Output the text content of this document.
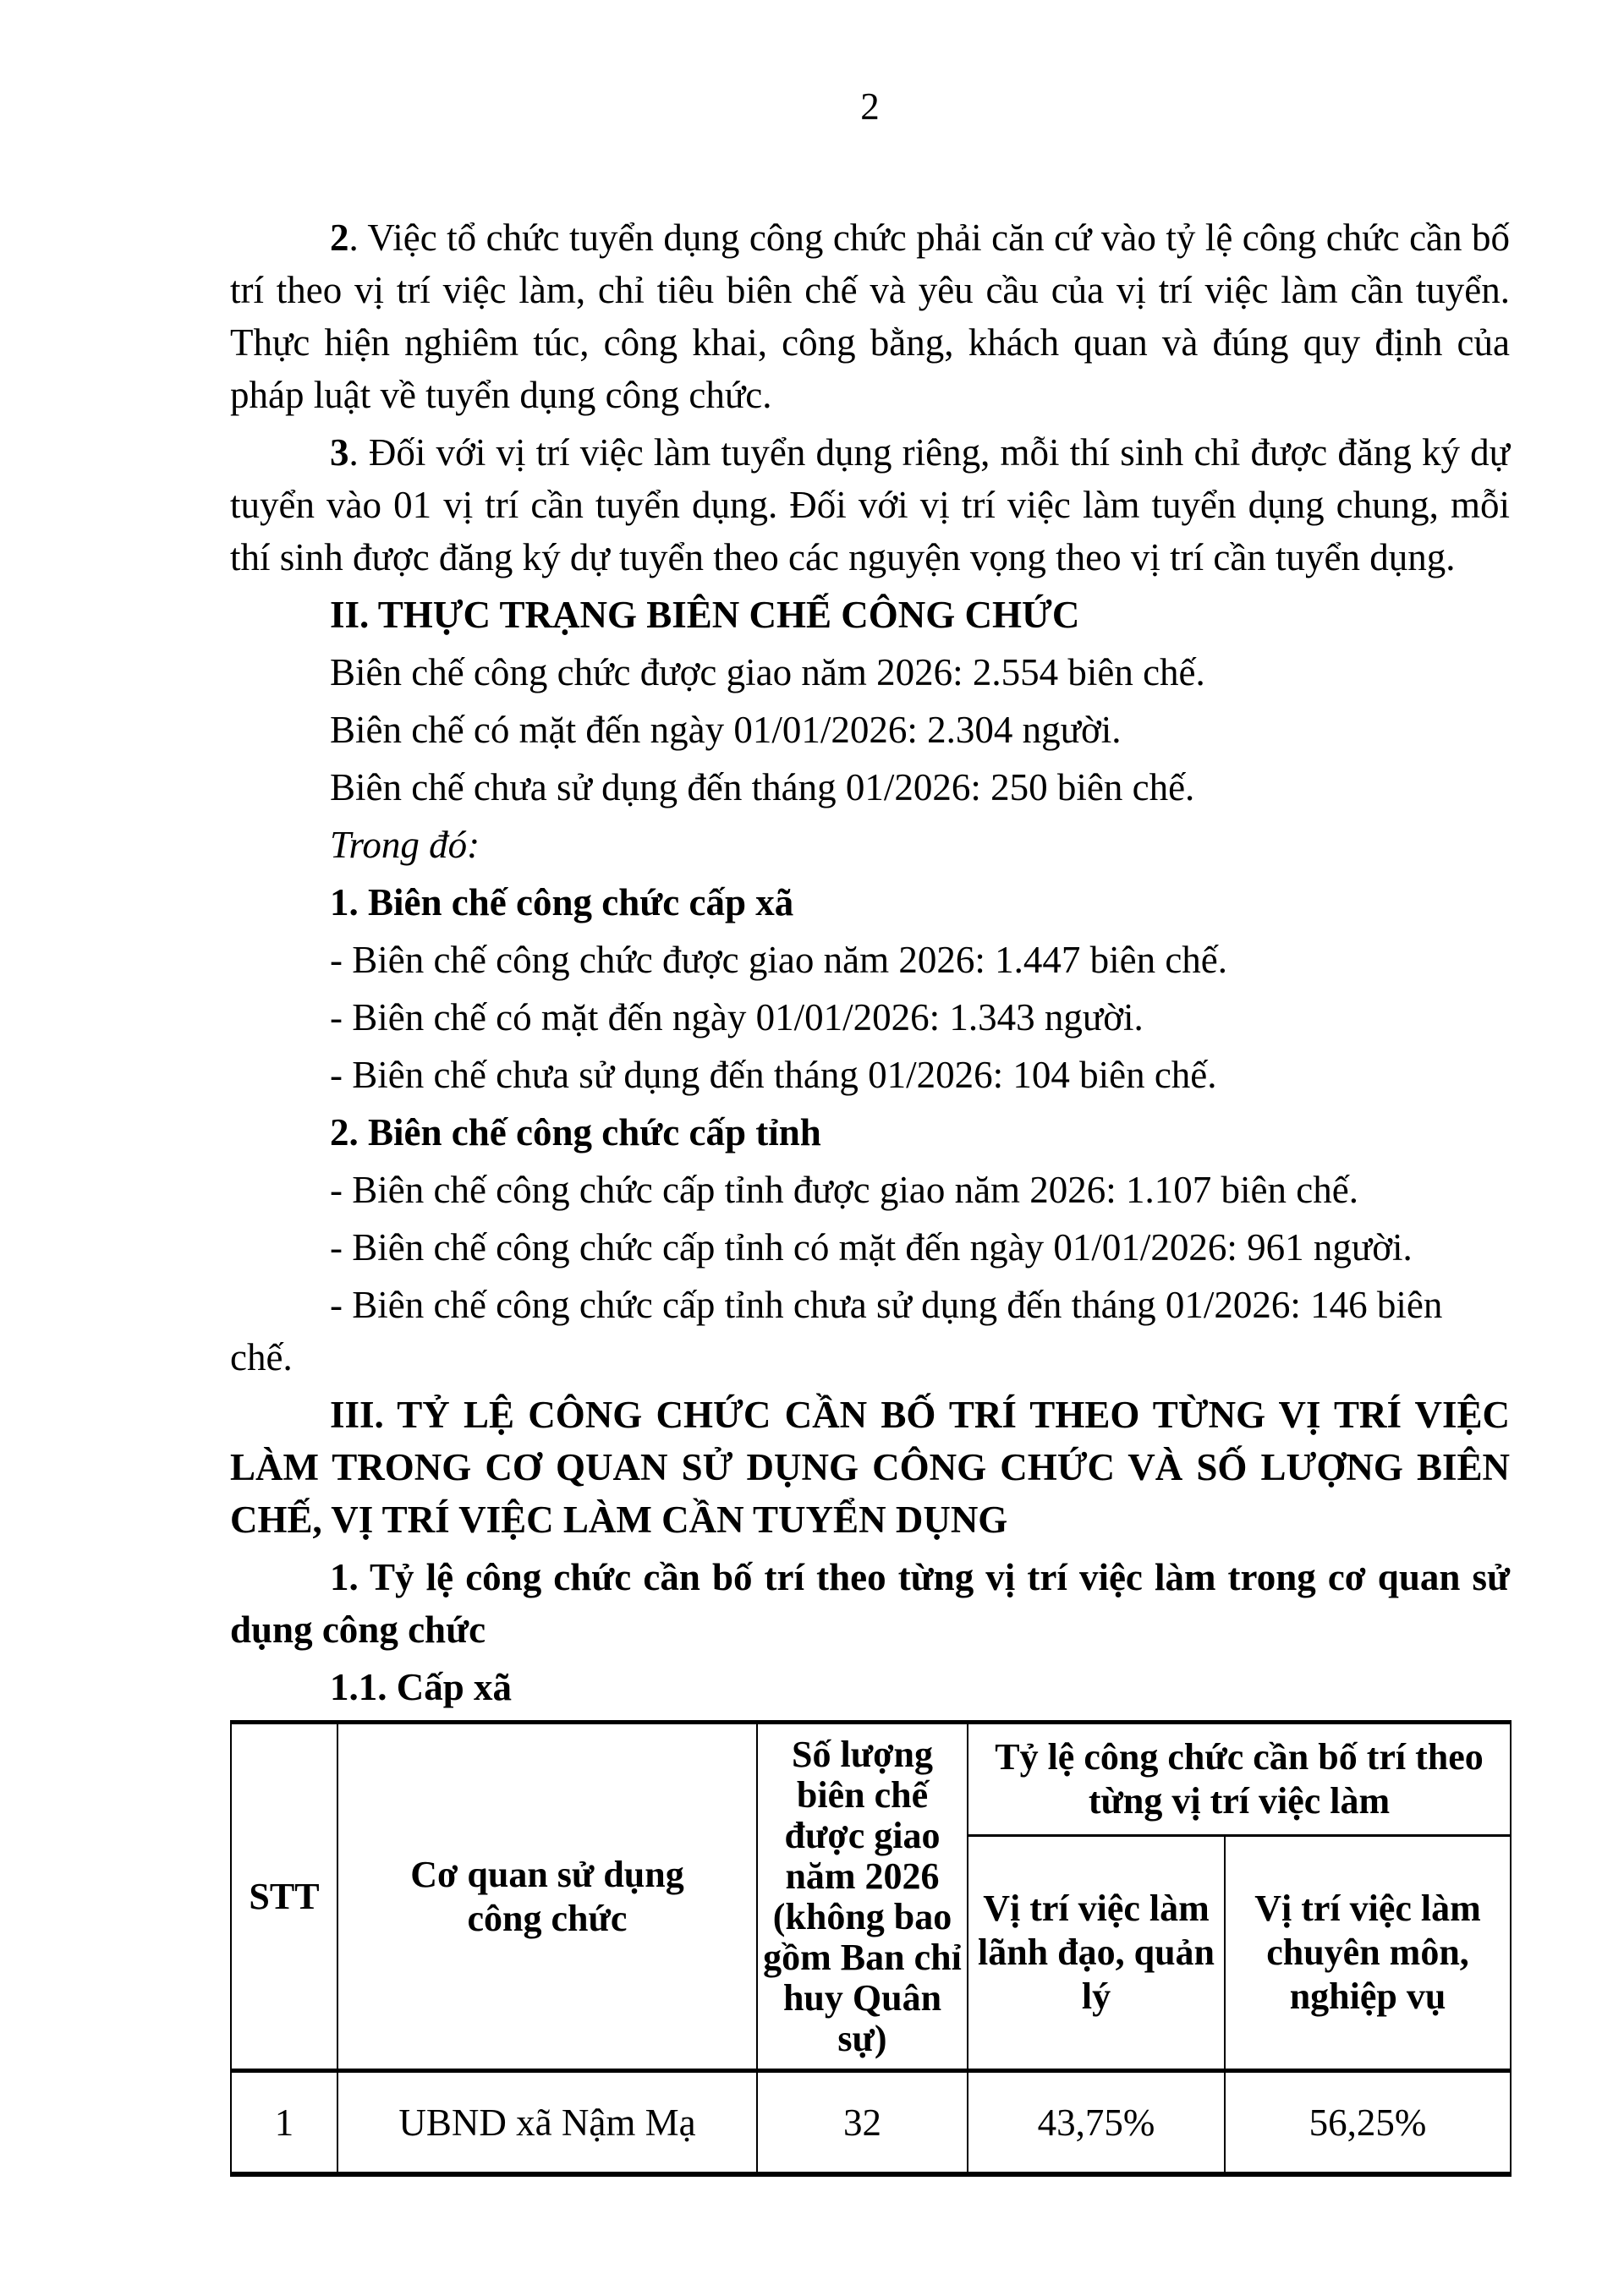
2

2. Việc tổ chức tuyển dụng công chức phải căn cứ vào tỷ lệ công chức cần bố trí theo vị trí việc làm, chỉ tiêu biên chế và yêu cầu của vị trí việc làm cần tuyển. Thực hiện nghiêm túc, công khai, công bằng, khách quan và đúng quy định của pháp luật về tuyển dụng công chức.

3. Đối với vị trí việc làm tuyển dụng riêng, mỗi thí sinh chỉ được đăng ký dự tuyển vào 01 vị trí cần tuyển dụng. Đối với vị trí việc làm tuyển dụng chung, mỗi thí sinh được đăng ký dự tuyển theo các nguyện vọng theo vị trí cần tuyển dụng.

II. THỰC TRẠNG BIÊN CHẾ CÔNG CHỨC

Biên chế công chức được giao năm 2026: 2.554 biên chế.

Biên chế có mặt đến ngày 01/01/2026: 2.304 người.

Biên chế chưa sử dụng đến tháng 01/2026: 250 biên chế.

Trong đó:

1. Biên chế công chức cấp xã

- Biên chế công chức được giao năm 2026: 1.447 biên chế.

- Biên chế có mặt đến ngày 01/01/2026: 1.343 người.

- Biên chế chưa sử dụng đến tháng 01/2026: 104 biên chế.

2. Biên chế công chức cấp tỉnh

- Biên chế công chức cấp tỉnh được giao năm 2026: 1.107 biên chế.

- Biên chế công chức cấp tỉnh có mặt đến ngày 01/01/2026: 961 người.

- Biên chế công chức cấp tỉnh chưa sử dụng đến tháng 01/2026: 146 biên chế.

III. TỶ LỆ CÔNG CHỨC CẦN BỐ TRÍ THEO TỪNG VỊ TRÍ VIỆC LÀM TRONG CƠ QUAN SỬ DỤNG CÔNG CHỨC VÀ SỐ LƯỢNG BIÊN CHẾ, VỊ TRÍ VIỆC LÀM CẦN TUYỂN DỤNG

1. Tỷ lệ công chức cần bố trí theo từng vị trí việc làm trong cơ quan sử dụng công chức

1.1. Cấp xã

STT	Cơ quan sử dụng công chức	Số lượng biên chế được giao năm 2026 (không bao gồm Ban chỉ huy Quân sự)	Tỷ lệ công chức cần bố trí theo từng vị trí việc làm	
			Vị trí việc làm lãnh đạo, quản lý	Vị trí việc làm chuyên môn, nghiệp vụ
1	UBND xã Nậm Mạ	32	43,75%	56,25%
